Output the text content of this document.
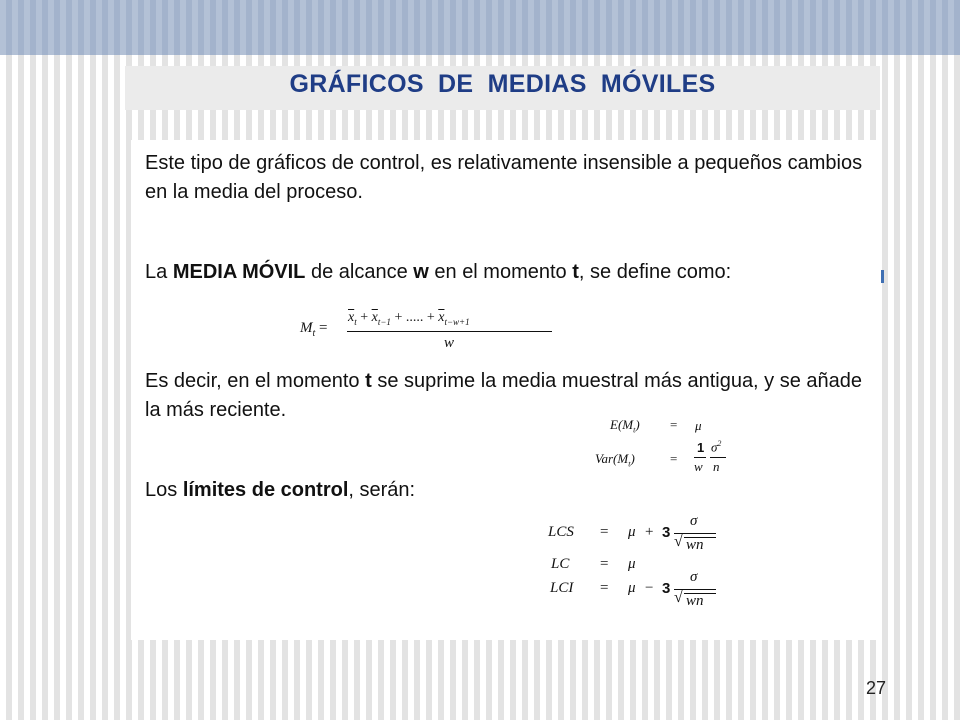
GRÁFICOS DE MEDIAS MÓVILES
Este tipo de gráficos de control, es relativamente insensible a pequeños cambios en la media del proceso.
La MEDIA MÓVIL de alcance w en el momento t, se define como:
Es decir, en el momento t se suprime la media muestral más antigua, y se añade la más reciente.
Los límites de control, serán:
$M_t$ =
$\overline{x}_t + \overline{x}_{t-1}$ + ..... + $\overline{x}_{t-w+1}$
w
$E(M_t) = \mu$
$Var(M_t)$	=
1
w
$\sigma^2$
n
LCS = μ + 3
σ
√ wn
LC = μ
LCI = μ − 3
σ
√ wn
27
